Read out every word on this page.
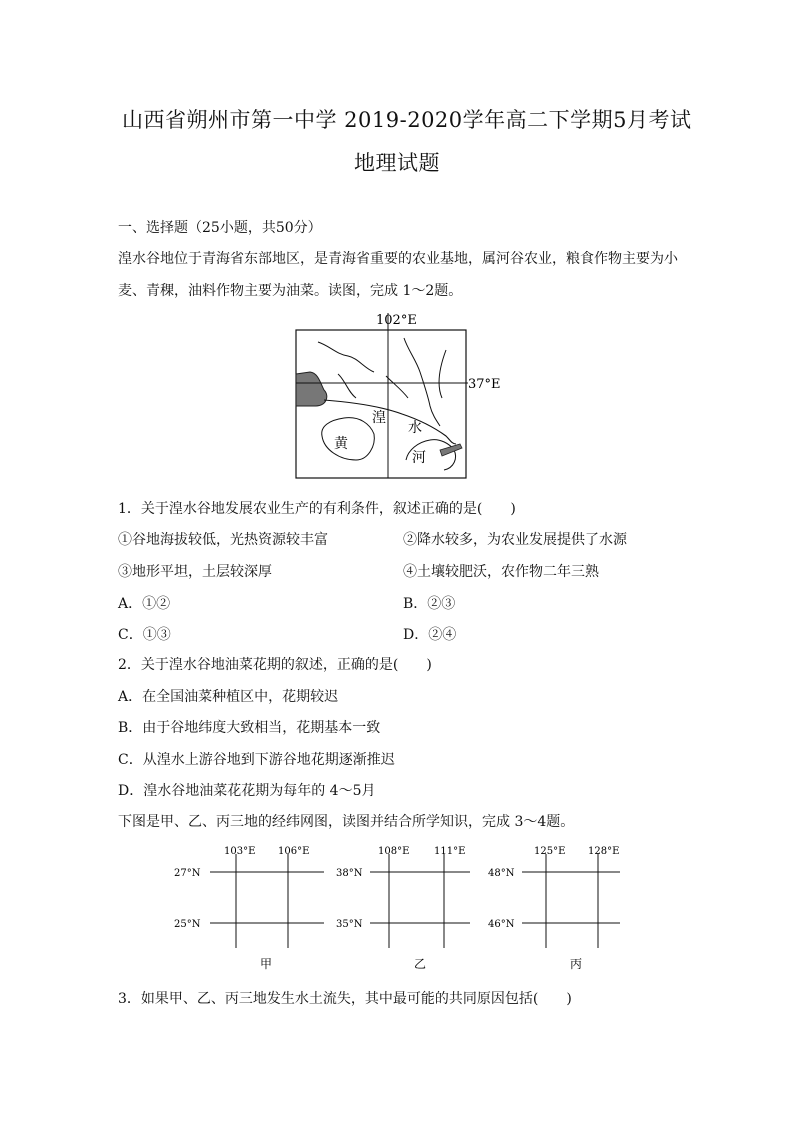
山西省朔州市第一中学 2019-2020学年高二下学期5月考试
地理试题
一、选择题（25小题，共50分）
湟水谷地位于青海省东部地区，是青海省重要的农业基地，属河谷农业，粮食作物主要为小
麦、青稞，油料作物主要为油菜。读图，完成 1～2题。
102°E
37°E
湟
水
黄
河
1．关于湟水谷地发展农业生产的有利条件，叙述正确的是(　　)
①谷地海拔较低，光热资源较丰富	②降水较多，为农业发展提供了水源
③地形平坦，土层较深厚	④土壤较肥沃，农作物二年三熟
A．①②	B．②③
C．①③	D．②④
2．关于湟水谷地油菜花期的叙述，正确的是(　　)
A．在全国油菜种植区中，花期较迟
B．由于谷地纬度大致相当，花期基本一致
C．从湟水上游谷地到下游谷地花期逐渐推迟
D．湟水谷地油菜花花期为每年的 4～5月
下图是甲、乙、丙三地的经纬网图，读图并结合所学知识，完成 3～4题。
103°E 106°E
27°N
25°N
甲
108°E 111°E
38°N
35°N
乙
125°E 128°E
48°N
46°N
丙
3．如果甲、乙、丙三地发生水土流失，其中最可能的共同原因包括(　　)
